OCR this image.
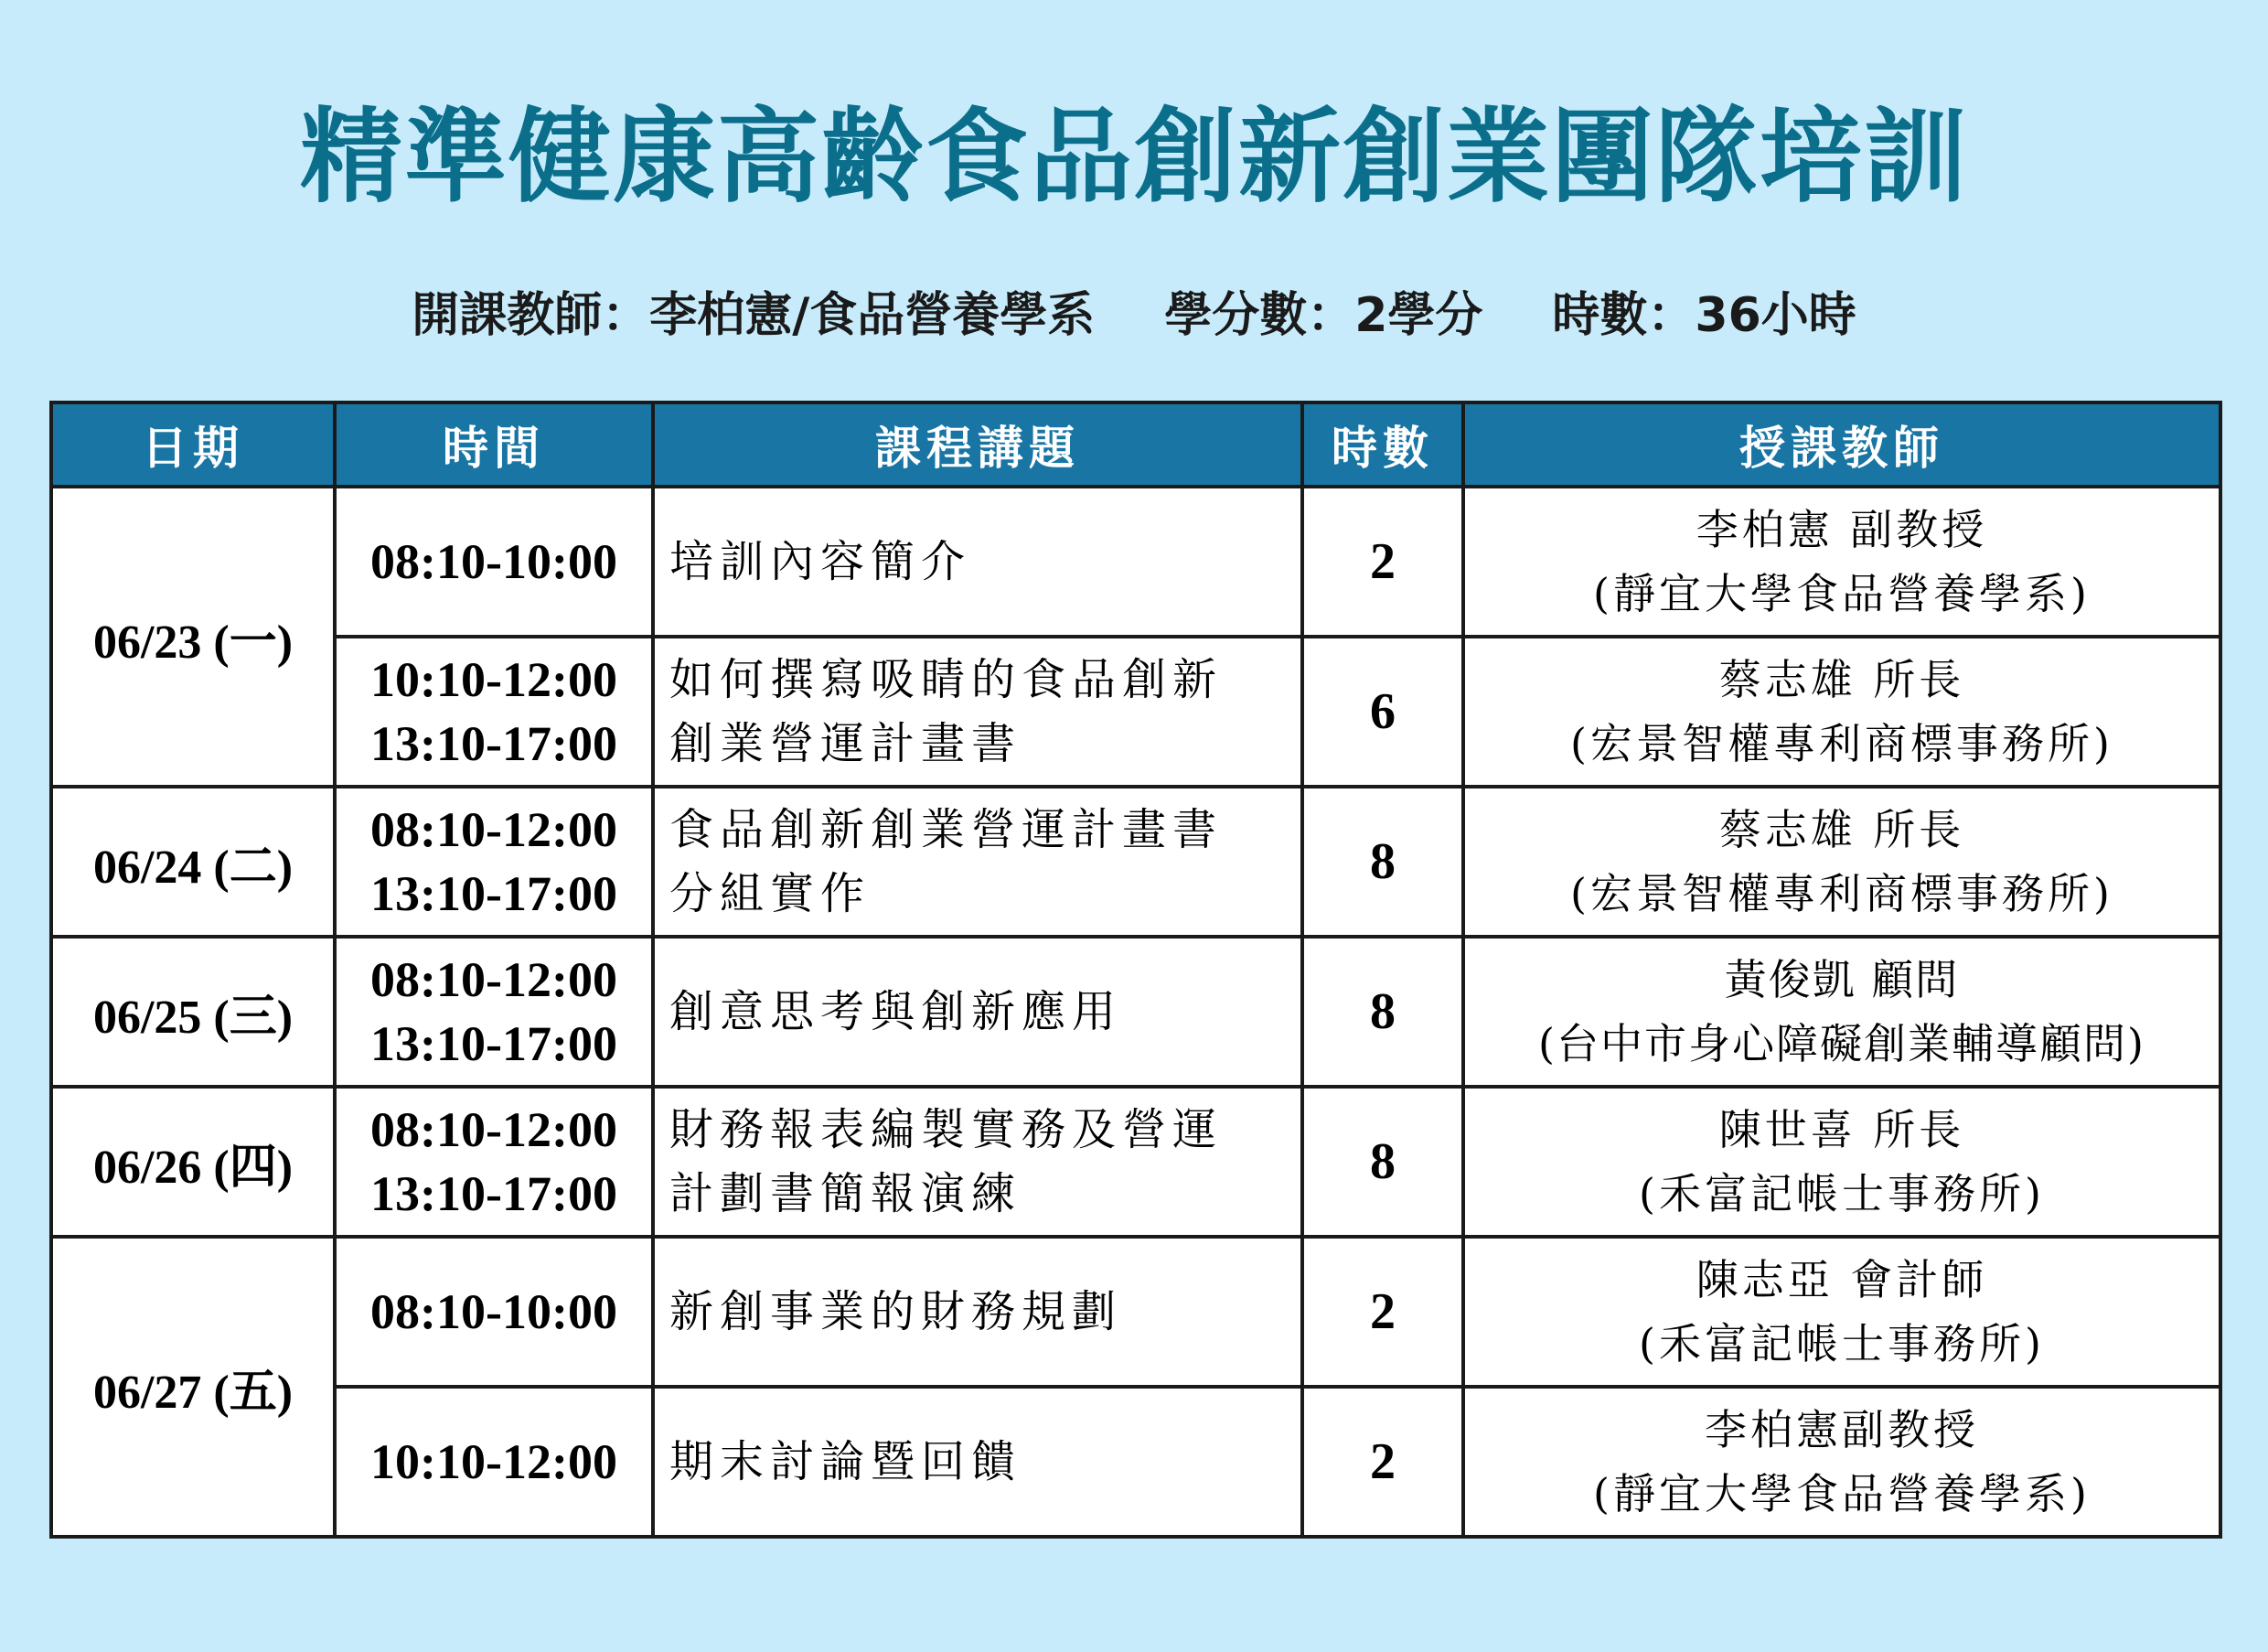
精準健康高齡食品創新創業團隊培訓
開課教師：李柏憲/食品營養學系 學分數：2學分 時數：36小時
日期	時間	課程講題	時數	授課教師
06/23 (一)	08:10-10:00	培訓內容簡介	2	李柏憲 副教授
(靜宜大學食品營養學系)

	10:10-12:00
13:10-17:00	如何撰寫吸睛的食品創新
創業營運計畫書	6	蔡志雄 所長
(宏景智權專利商標事務所)

06/24 (二)	08:10-12:00
13:10-17:00	食品創新創業營運計畫書
分組實作	8	蔡志雄 所長
(宏景智權專利商標事務所)

06/25 (三)	08:10-12:00
13:10-17:00	創意思考與創新應用	8	黃俊凱 顧問
(台中市身心障礙創業輔導顧問)

06/26 (四)	08:10-12:00
13:10-17:00	財務報表編製實務及營運
計劃書簡報演練	8	陳世喜 所長
(禾富記帳士事務所)

06/27 (五)	08:10-10:00	新創事業的財務規劃	2	陳志亞 會計師
(禾富記帳士事務所)

	10:10-12:00	期末討論暨回饋	2	李柏憲副教授
(靜宜大學食品營養學系)
